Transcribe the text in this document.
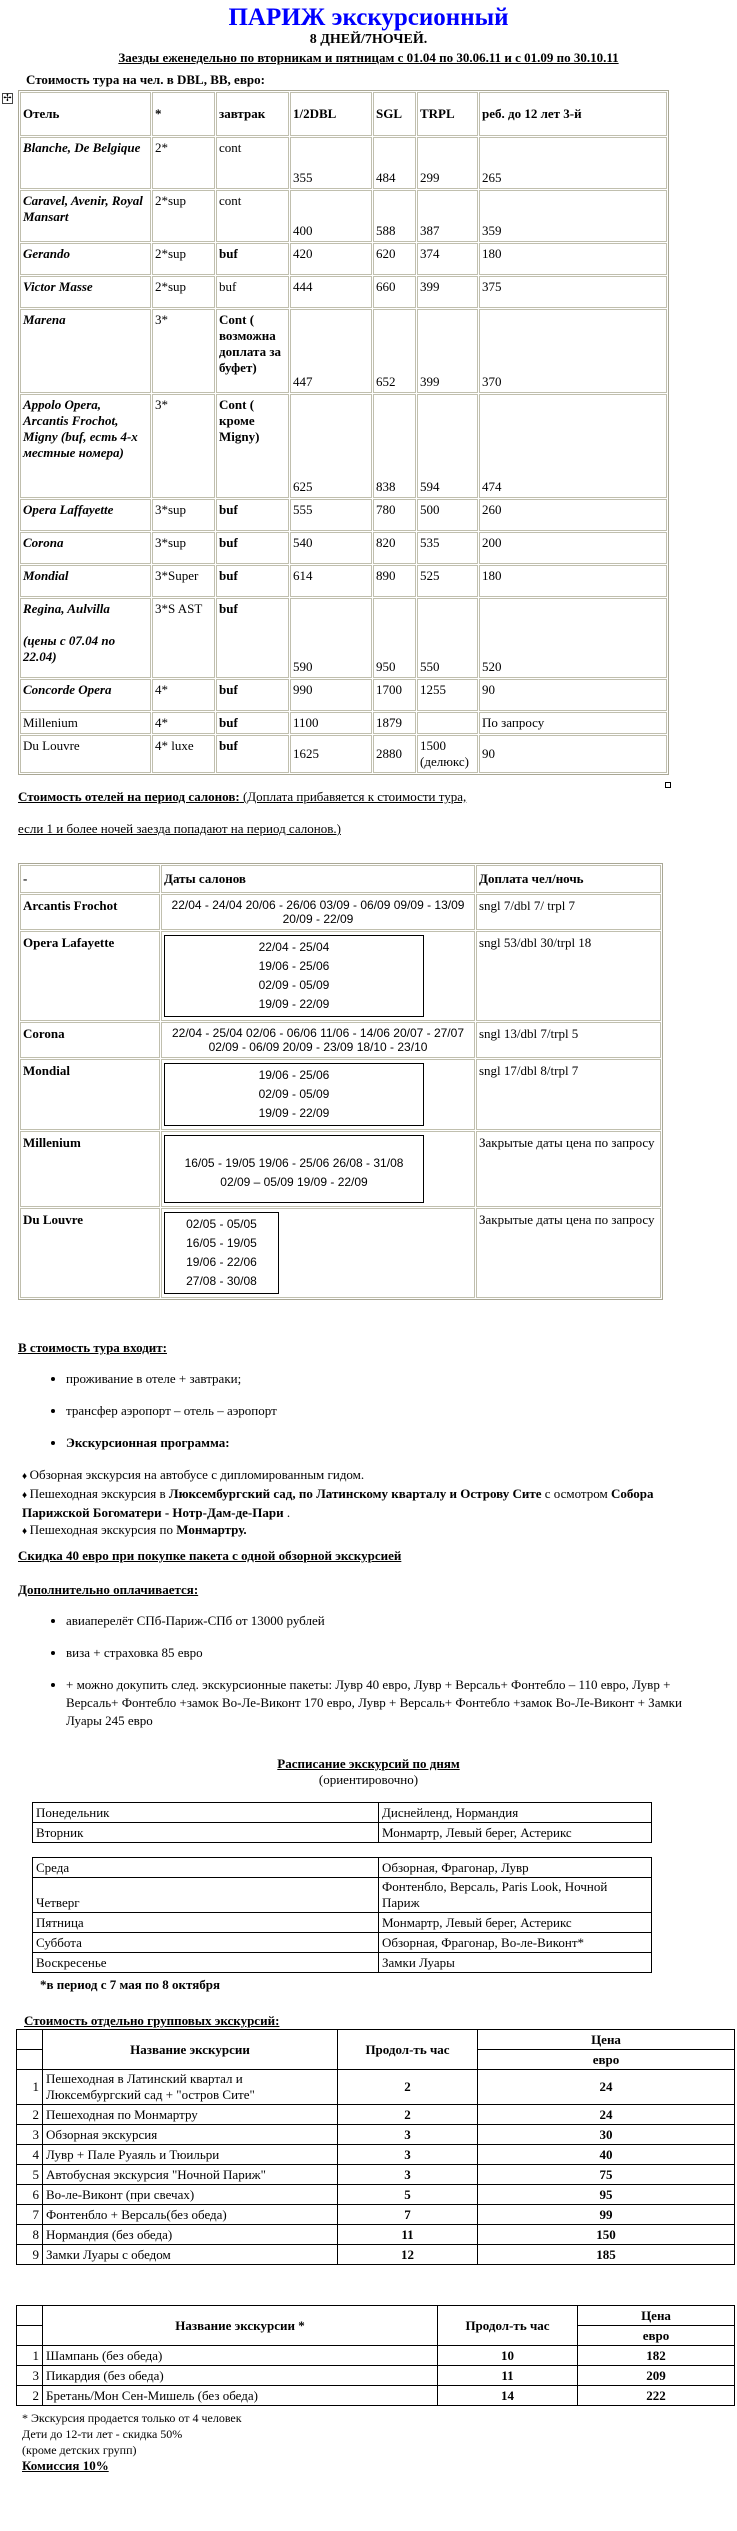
ПАРИЖ экскурсионный

8 ДНЕЙ/7НОЧЕЙ.

Заезды еженедельно по вторникам и пятницам с 01.04 по 30.06.11 и с 01.09 по 30.10.11

✢
Стоимость тура на чел. в DBL, BB, евро:
Отель	*	завтрак	1/2DBL	SGL	TRPL	реб. до 12 лет 3-й
Blanche, De Belgique	2*	cont	355	484	299	265
Caravel, Avenir, Royal Mansart	2*sup	cont	400	588	387	359
Gerando	2*sup	buf	420	620	374	180
Victor Masse	2*sup	buf	444	660	399	375
Marena	3*	Cont ( возможна доплата за буфет)	447	652	399	370
Appolo Opera, Arcantis Frochot, Migny (buf, есть 4-х местные номера)	3*	Cont ( кроме Migny)	625	838	594	474
Opera Laffayette	3*sup	buf	555	780	500	260
Corona	3*sup	buf	540	820	535	200
Mondial	3*Super	buf	614	890	525	180
Regina, Aulvilla

(цены с 07.04 по 22.04)	3*S AST	buf	590	950	550	520
Concorde Opera	4*	buf	990	1700	1255	90
Millenium	4*	buf	1100	1879		По запросу
Du Louvre	4* luxe	buf	1625	2880	1500 (делюкс)	90
Стоимость отелей на период салонов: (Доплата прибавяется к стоимости тура,
если 1 и более ночей заезда попадают на период салонов.)
-	Даты салонов	Доплата чел/ночь
Arcantis Frochot	22/04 - 24/04 20/06 - 26/06 03/09 - 06/09 09/09 - 13/09 20/09 - 22/09	sngl 7/dbl 7/ trpl 7
Opera Lafayette	22/04 - 25/04
19/06 - 25/06
02/09 - 05/09
19/09 - 22/09	sngl 53/dbl 30/trpl 18
Corona	22/04 - 25/04 02/06 - 06/06 11/06 - 14/06 20/07 - 27/07 02/09 - 06/09 20/09 - 23/09 18/10 - 23/10	sngl 13/dbl 7/trpl 5
Mondial	19/06 - 25/06
02/09 - 05/09
19/09 - 22/09	sngl 17/dbl 8/trpl 7
Millenium	16/05 - 19/05 19/06 - 25/06 26/08 - 31/08 02/09 – 05/09 19/09 - 22/09	Закрытые даты цена по запросу
Du Louvre	02/05 - 05/05
16/05 - 19/05
19/06 - 22/06
27/08 - 30/08	Закрытые даты цена по запросу

В стоимость тура входит:

• проживание в отеле + завтраки;
• трансфер аэропорт – отель – аэропорт
• Экскурсионная программа:
♦ Обзорная экскурсия на автобусе с дипломированным гидом.
♦ Пешеходная экскурсия в Люксембургский сад, по Латинскому кварталу и Острову Сите с осмотром Собора Парижской Богоматери - Нотр-Дам-де-Пари .
♦ Пешеходная экскурсия по Монмартру.

Скидка 40 евро при покупке пакета с одной обзорной экскурсией

Дополнительно оплачивается:

• авиаперелёт СПб-Париж-СПб от 13000 рублей
• виза + страховка 85 евро
• + можно докупить след. экскурсионные пакеты: Лувр 40 евро, Лувр + Версаль+ Фонтебло – 110 евро, Лувр + Версаль+ Фонтебло +замок Во-Ле-Виконт 170 евро, Лувр + Версаль+ Фонтебло +замок Во-Ле-Виконт + Замки Луары 245 евро

Расписание экскурсий по дням

(ориентировочно)

Понедельник	Диснейленд, Нормандия
Вторник	Монмартр, Левый берег, Астерикс
Среда	Обзорная, Фрагонар, Лувр
Четверг	Фонтенбло, Версаль, Paris Look, Ночной Париж
Пятница	Монмартр, Левый берег, Астерикс
Суббота	Обзорная, Фрагонар, Во-ле-Виконт*
Воскресенье	Замки Луары

*в период с 7 мая по 8 октября

Стоимость отдельно групповых экскурсий:

	Название экскурсии	Продол-ть час	Цена
			евро
1	Пешеходная в Латинский квартал и Люксембургский сад + "остров Сите"	2	24
2	Пешеходная по Монмартру	2	24
3	Обзорная экскурсия	3	30
4	Лувр + Пале Руаяль и Тюильри	3	40
5	Автобусная экскурсия "Ночной Париж"	3	75
6	Во-ле-Виконт (при свечах)	5	95
7	Фонтенбло + Версаль(без обеда)	7	99
8	Нормандия (без обеда)	11	150
9	Замки Луары с обедом	12	185
	Название экскурсии *	Продол-ть час	Цена
			евро
1	Шампань (без обеда)	10	182
3	Пикардия (без обеда)	11	209
2	Бретань/Мон Сен-Мишель (без обеда)	14	222
* Экскурсия продается только от 4 человек
Дети до 12-ти лет - скидка 50%
(кроме детских групп)
Комиссия 10%
